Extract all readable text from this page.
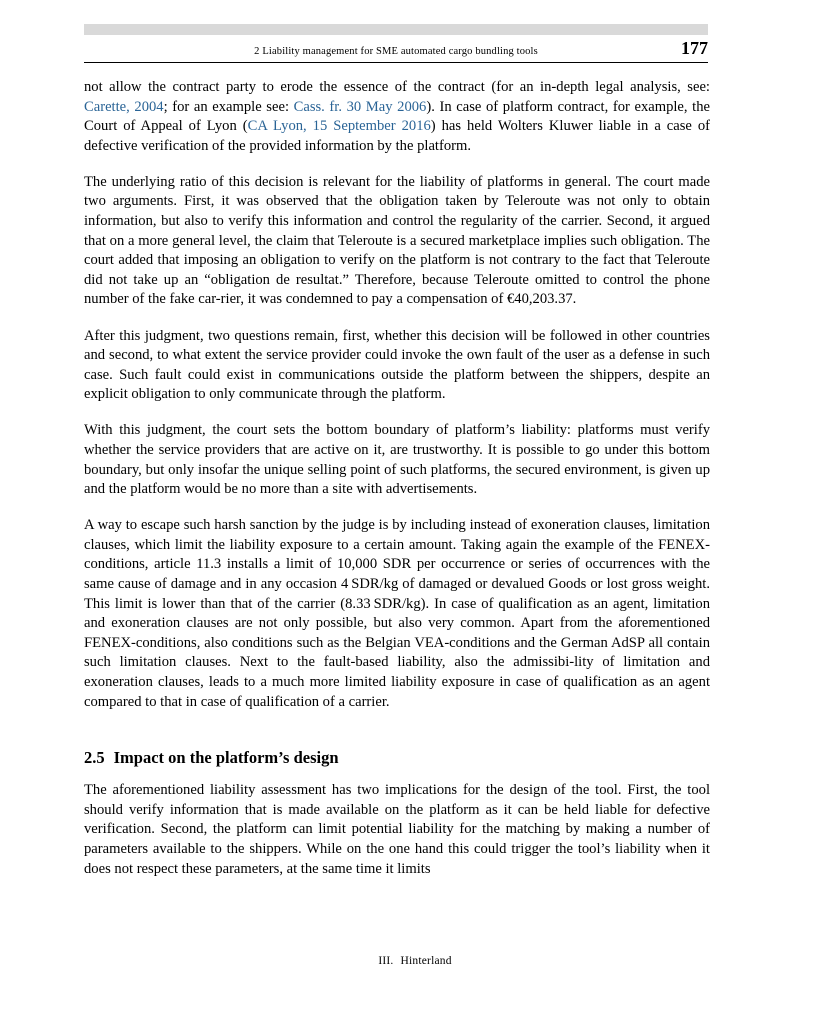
2 Liability management for SME automated cargo bundling tools	177

not allow the contract party to erode the essence of the contract (for an in-depth legal analysis, see: Carette, 2004; for an example see: Cass. fr. 30 May 2006). In case of platform contract, for example, the Court of Appeal of Lyon (CA Lyon, 15 September 2016) has held Wolters Kluwer liable in a case of defective verification of the provided information by the platform.

The underlying ratio of this decision is relevant for the liability of platforms in general. The court made two arguments. First, it was observed that the obligation taken by Teleroute was not only to obtain information, but also to verify this information and control the regularity of the carrier. Second, it argued that on a more general level, the claim that Teleroute is a secured marketplace implies such obligation. The court added that imposing an obligation to verify on the platform is not contrary to the fact that Teleroute did not take up an “obligation de resultat.” Therefore, because Teleroute omitted to control the phone number of the fake car-rier, it was condemned to pay a compensation of €40,203.37.

After this judgment, two questions remain, first, whether this decision will be followed in other countries and second, to what extent the service provider could invoke the own fault of the user as a defense in such case. Such fault could exist in communications outside the platform between the shippers, despite an explicit obligation to only communicate through the platform.

With this judgment, the court sets the bottom boundary of platform’s liability: platforms must verify whether the service providers that are active on it, are trustworthy. It is possible to go under this bottom boundary, but only insofar the unique selling point of such platforms, the secured environment, is given up and the platform would be no more than a site with advertisements.

A way to escape such harsh sanction by the judge is by including instead of exoneration clauses, limitation clauses, which limit the liability exposure to a certain amount. Taking again the example of the FENEX-conditions, article 11.3 installs a limit of 10,000 SDR per occurrence or series of occurrences with the same cause of damage and in any occasion 4 SDR/kg of damaged or devalued Goods or lost gross weight. This limit is lower than that of the carrier (8.33 SDR/kg). In case of qualification as an agent, limitation and exoneration clauses are not only possible, but also very common. Apart from the aforementioned FENEX-conditions, also conditions such as the Belgian VEA-conditions and the German AdSP all contain such limitation clauses. Next to the fault-based liability, also the admissibi-lity of limitation and exoneration clauses, leads to a much more limited liability exposure in case of qualification as an agent compared to that in case of qualification of a carrier.

2.5 Impact on the platform’s design

The aforementioned liability assessment has two implications for the design of the tool. First, the tool should verify information that is made available on the platform as it can be held liable for defective verification. Second, the platform can limit potential liability for the matching by making a number of parameters available to the shippers. While on the one hand this could trigger the tool’s liability when it does not respect these parameters, at the same time it limits

III. Hinterland
